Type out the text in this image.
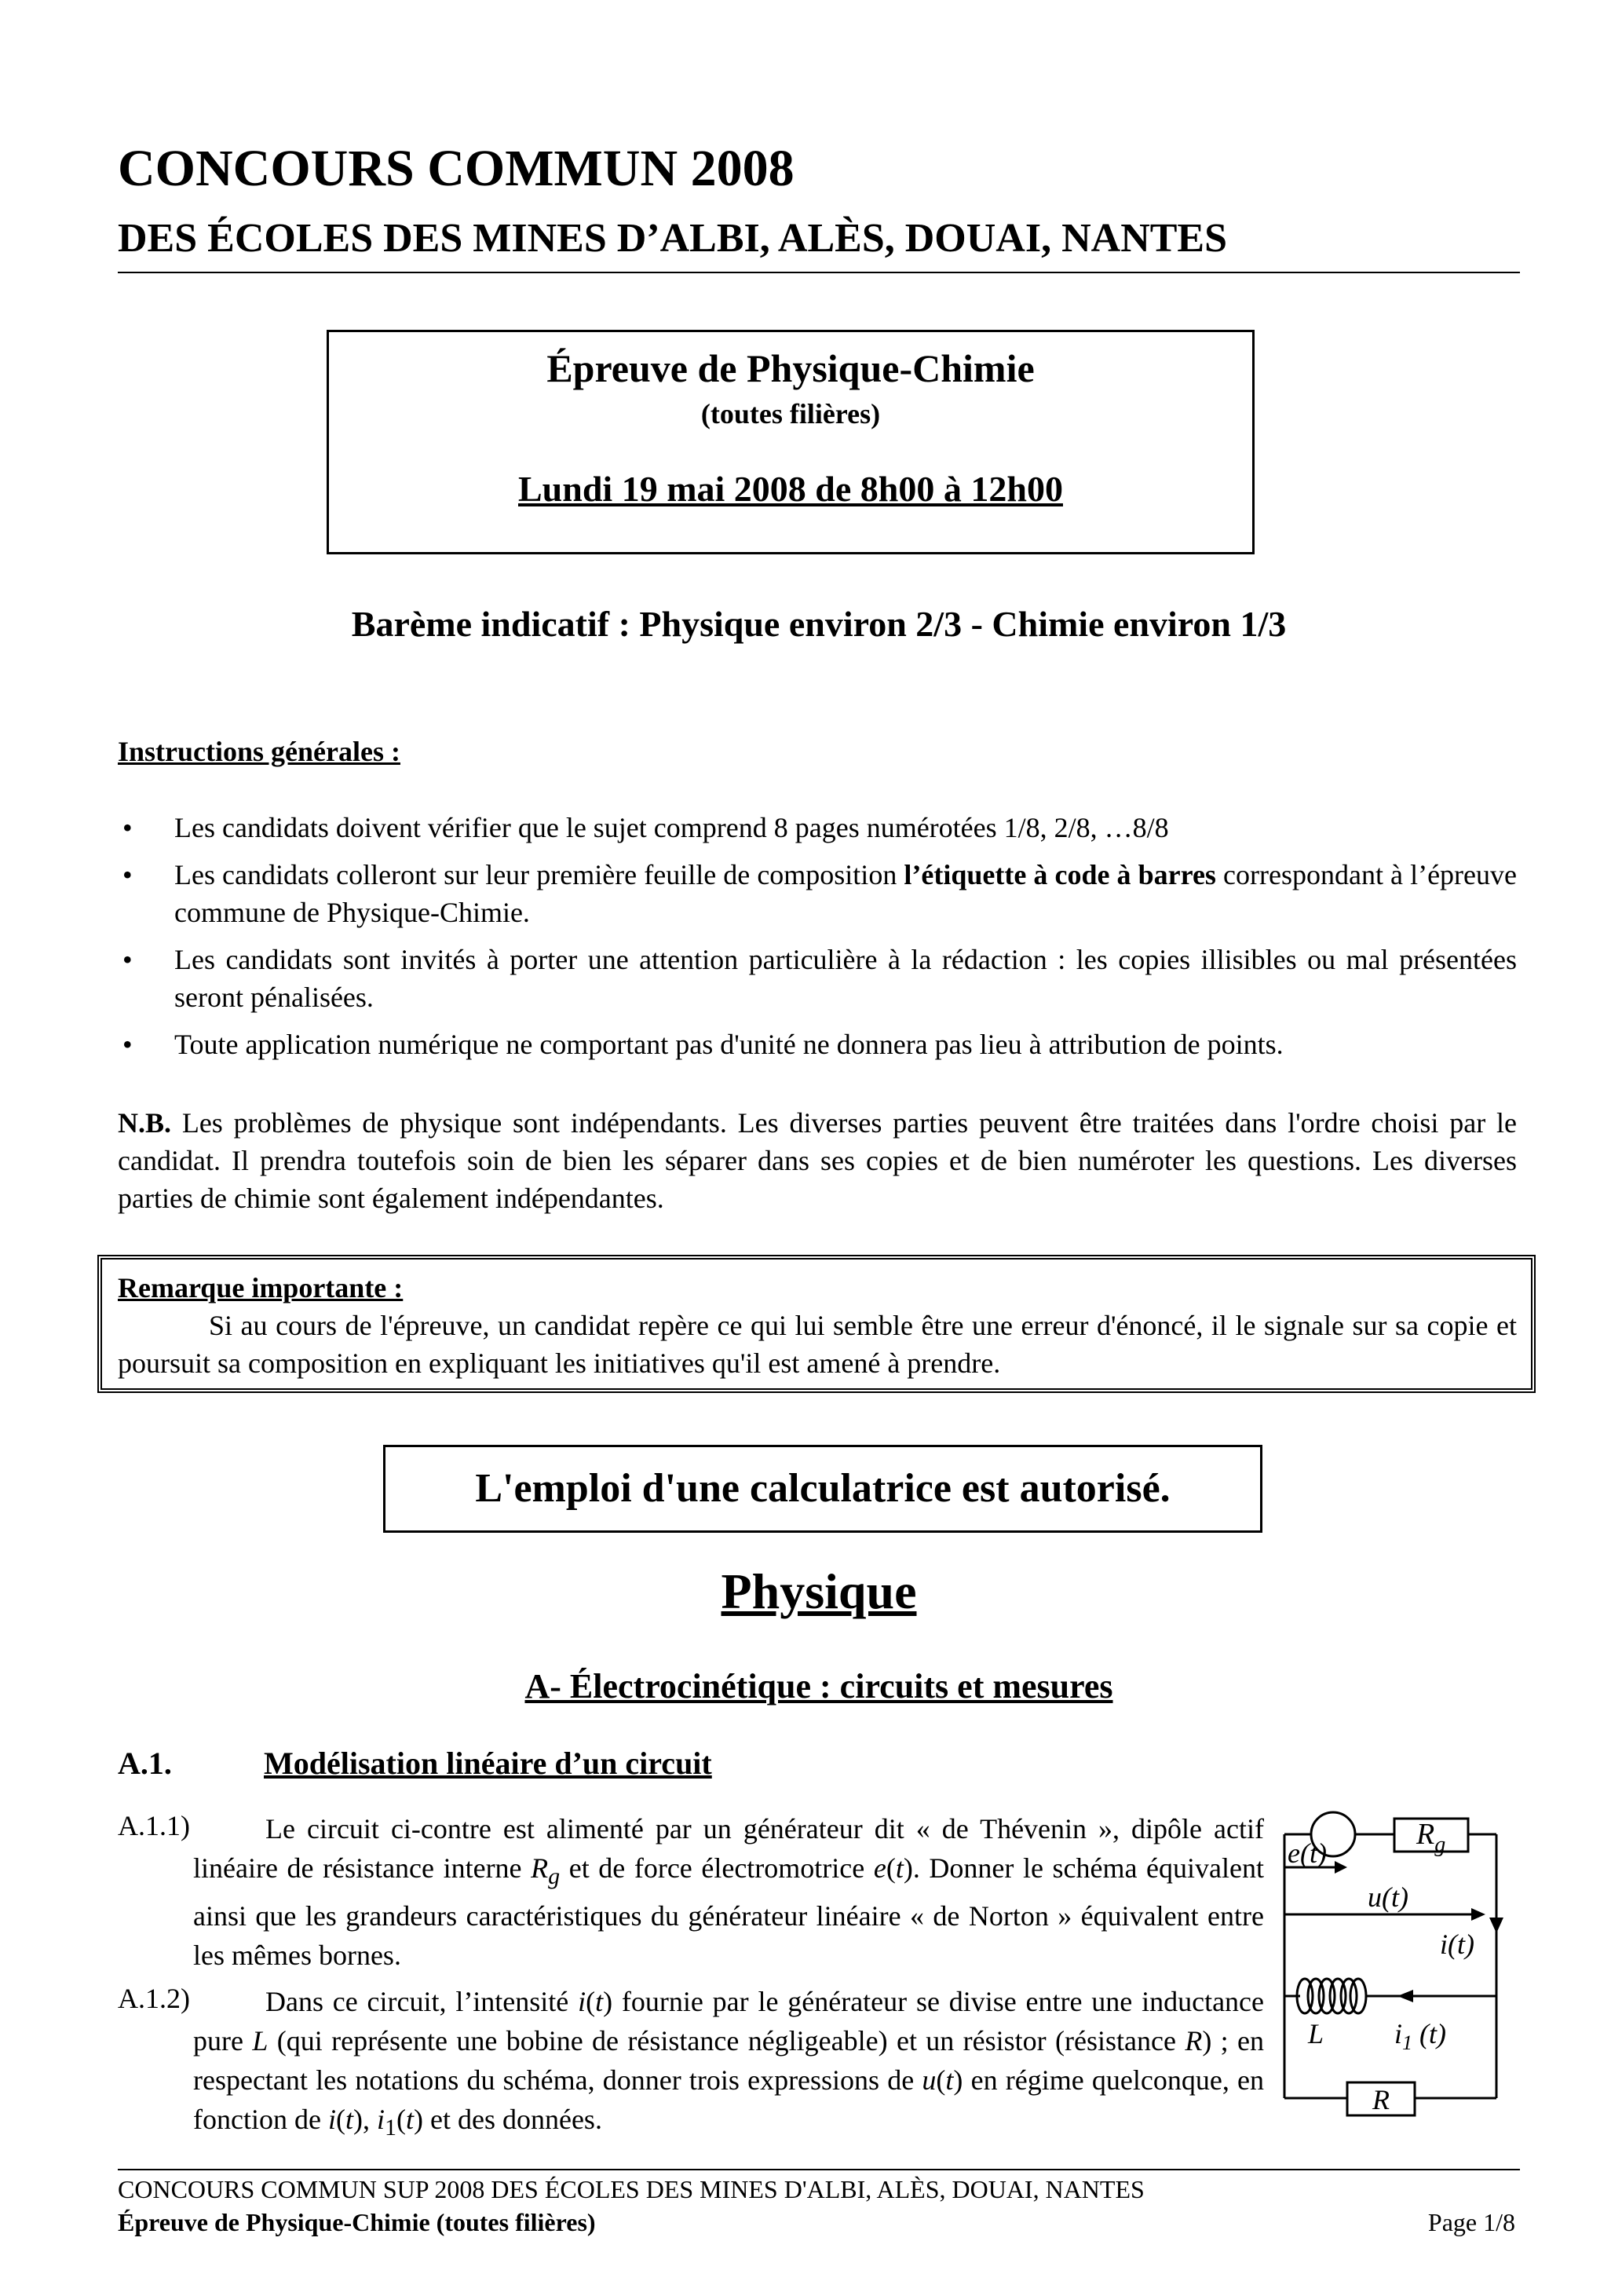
CONCOURS COMMUN 2008
DES ÉCOLES DES MINES D’ALBI, ALÈS, DOUAI, NANTES
Épreuve de Physique-Chimie
(toutes filières)
Lundi 19 mai 2008 de 8h00 à 12h00
Barème indicatif : Physique environ 2/3 - Chimie environ 1/3
Instructions générales :
• Les candidats doivent vérifier que le sujet comprend 8 pages numérotées 1/8, 2/8, …8/8
• Les candidats colleront sur leur première feuille de composition l’étiquette à code à barres correspondant à l’épreuve commune de Physique-Chimie.
• Les candidats sont invités à porter une attention particulière à la rédaction : les copies illisibles ou mal présentées seront pénalisées.
• Toute application numérique ne comportant pas d'unité ne donnera pas lieu à attribution de points.
N.B. Les problèmes de physique sont indépendants. Les diverses parties peuvent être traitées dans l'ordre choisi par le candidat. Il prendra toutefois soin de bien les séparer dans ses copies et de bien numéroter les questions. Les diverses parties de chimie sont également indépendantes.
Remarque importante :
Si au cours de l'épreuve, un candidat repère ce qui lui semble être une erreur d'énoncé, il le signale sur sa copie et poursuit sa composition en expliquant les initiatives qu'il est amené à prendre.
L'emploi d'une calculatrice est autorisé.
Physique
A- Électrocinétique : circuits et mesures
A.1.	Modélisation linéaire d’un circuit
A.1.1)	Le circuit ci-contre est alimenté par un générateur dit « de Thévenin », dipôle actif linéaire de résistance interne $R_g$ et de force électromotrice e(t). Donner le schéma équivalent ainsi que les grandeurs caractéristiques du générateur linéaire « de Norton » équivalent entre les mêmes bornes.
A.1.2)	Dans ce circuit, l’intensité i(t) fournie par le générateur se divise entre une inductance pure L (qui représente une bobine de résistance négligeable) et un résistor (résistance R) ; en respectant les notations du schéma, donner trois expressions de u(t) en régime quelconque, en fonction de i(t), $i_1(t)$ et des données.
$R_g$
e(t)
u(t)
i(t)
L $i_1$ (t)
R
CONCOURS COMMUN SUP 2008 DES ÉCOLES DES MINES D'ALBI, ALÈS, DOUAI, NANTES
Épreuve de Physique-Chimie (toutes filières)	Page 1/8
